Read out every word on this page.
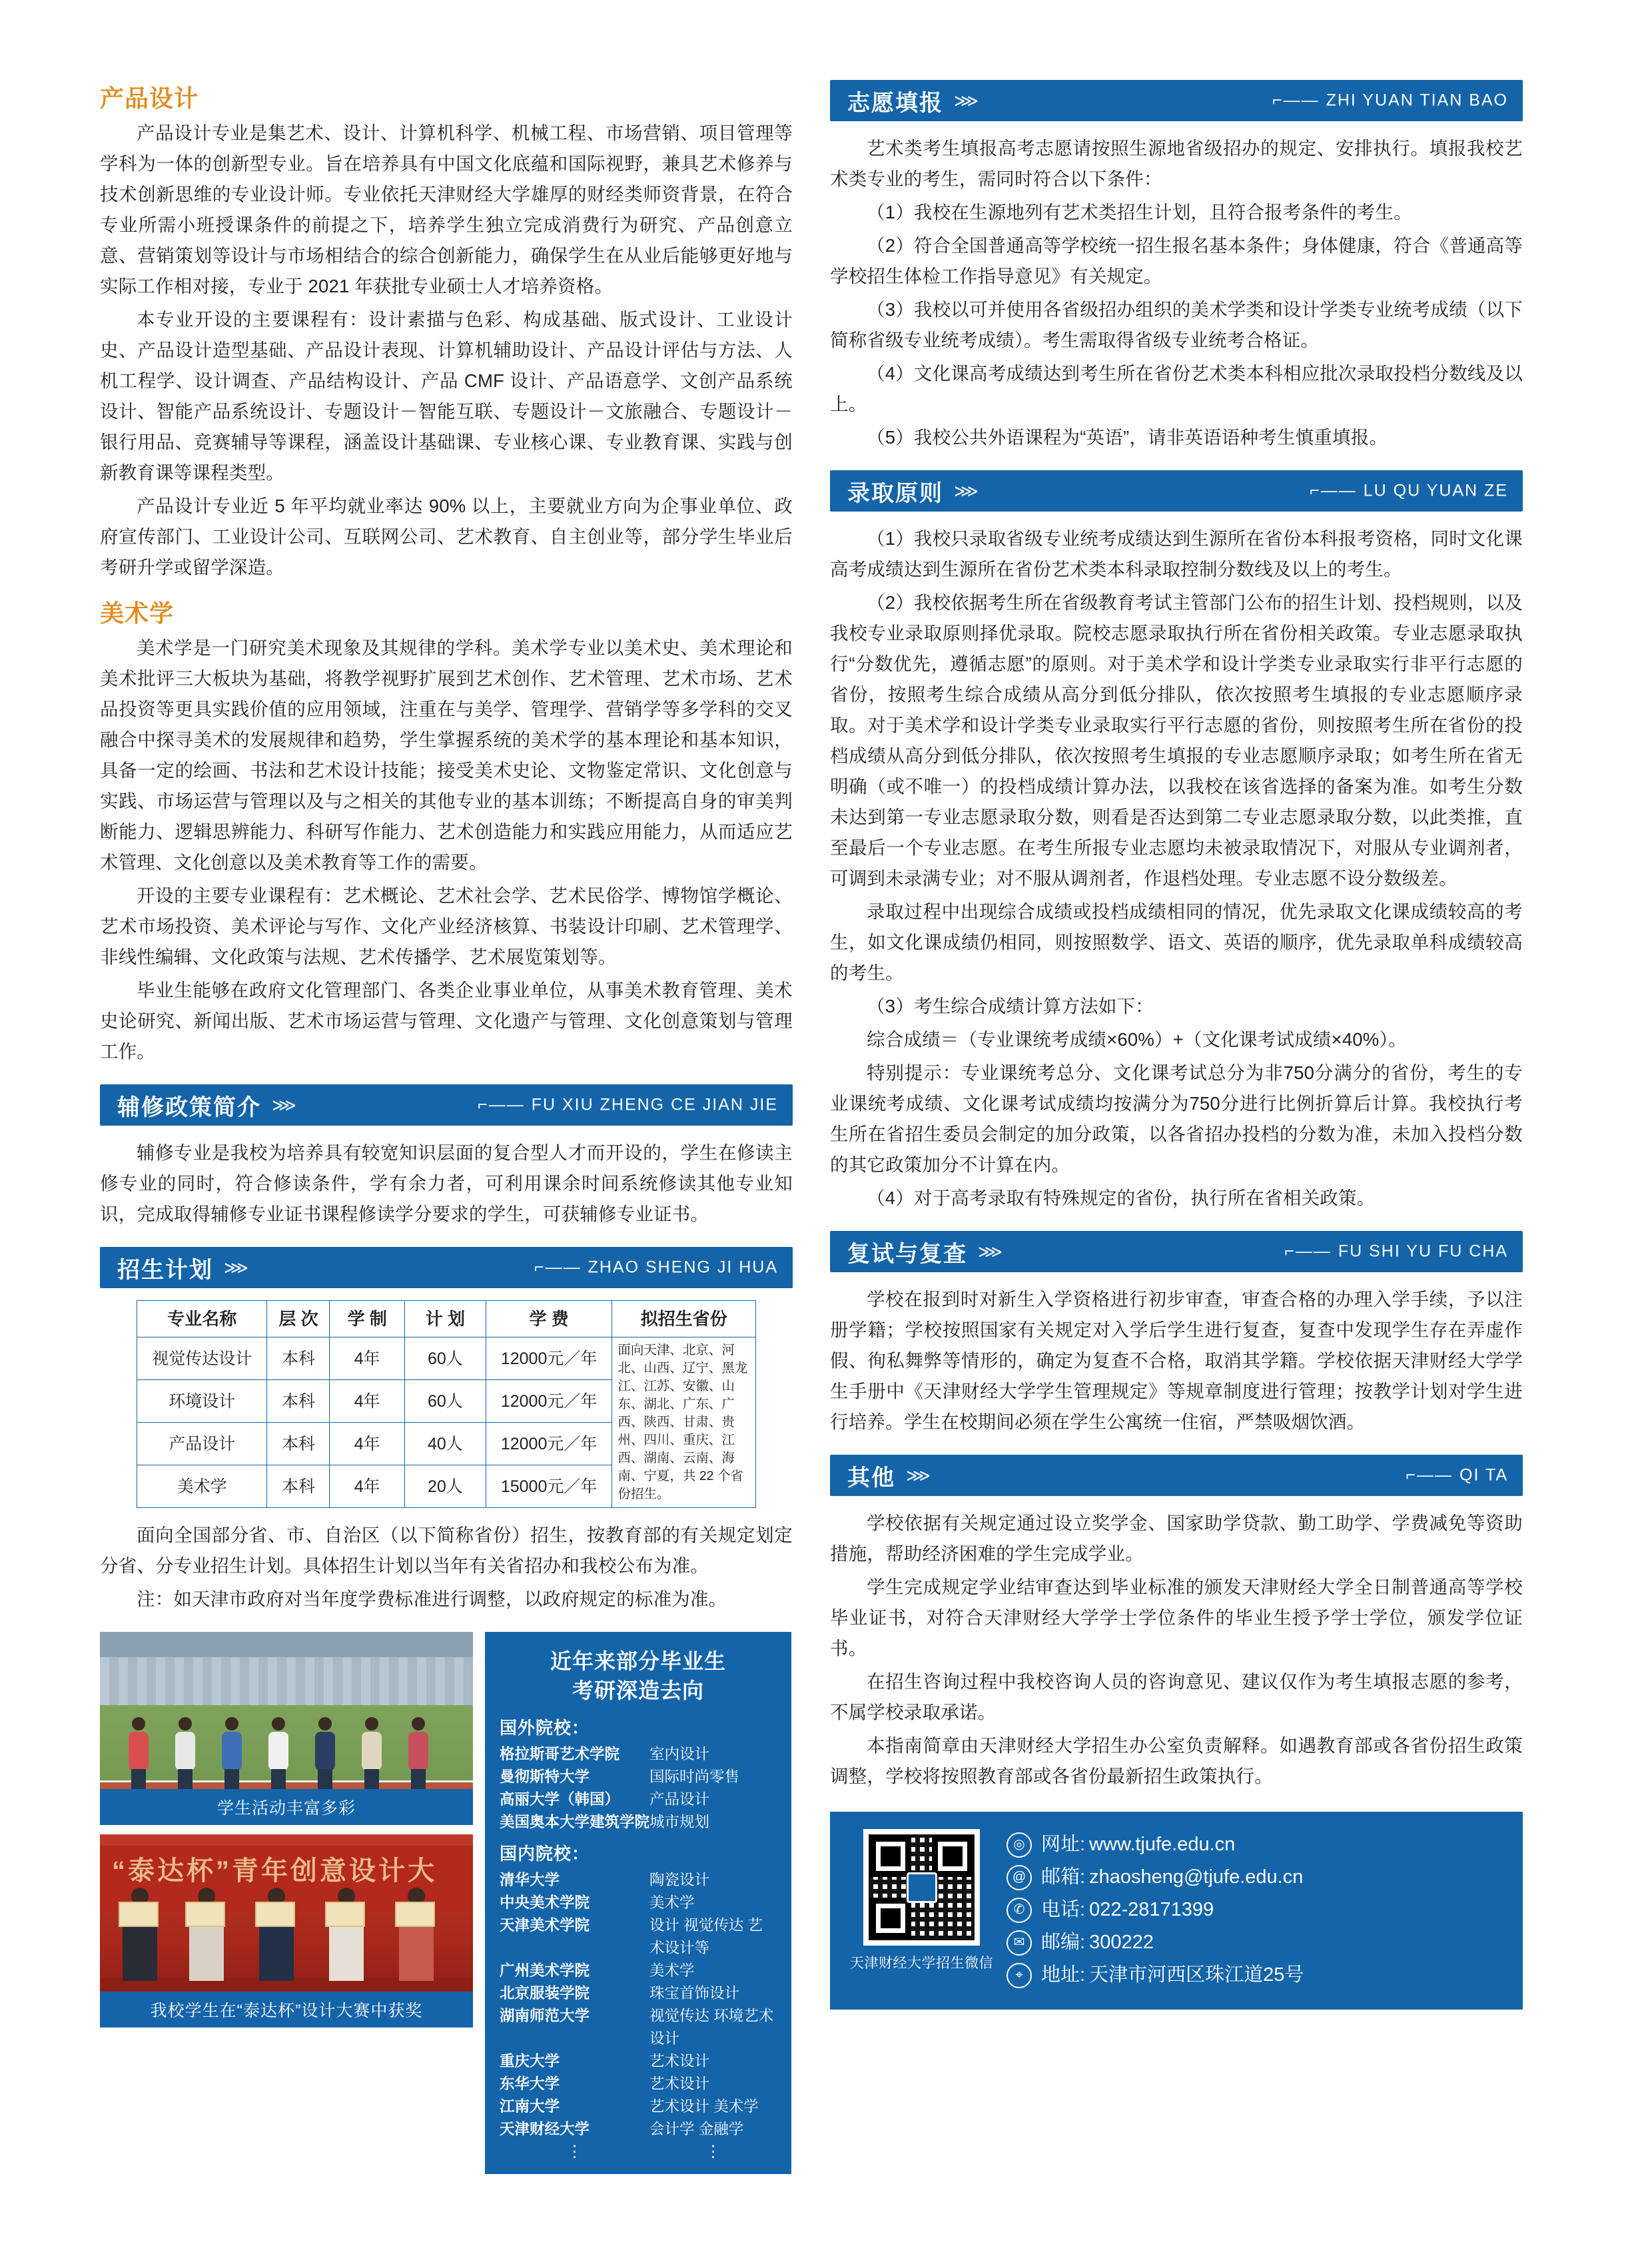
产品设计

产品设计专业是集艺术、设计、计算机科学、机械工程、市场营销、项目管理等学科为一体的创新型专业。旨在培养具有中国文化底蕴和国际视野，兼具艺术修养与技术创新思维的专业设计师。专业依托天津财经大学雄厚的财经类师资背景，在符合专业所需小班授课条件的前提之下，培养学生独立完成消费行为研究、产品创意立意、营销策划等设计与市场相结合的综合创新能力，确保学生在从业后能够更好地与实际工作相对接，专业于 2021 年获批专业硕士人才培养资格。

本专业开设的主要课程有：设计素描与色彩、构成基础、版式设计、工业设计史、产品设计造型基础、产品设计表现、计算机辅助设计、产品设计评估与方法、人机工程学、设计调查、产品结构设计、产品 CMF 设计、产品语意学、文创产品系统设计、智能产品系统设计、专题设计－智能互联、专题设计－文旅融合、专题设计－银行用品、竞赛辅导等课程，涵盖设计基础课、专业核心课、专业教育课、实践与创新教育课等课程类型。

产品设计专业近 5 年平均就业率达 90% 以上，主要就业方向为企事业单位、政府宣传部门、工业设计公司、互联网公司、艺术教育、自主创业等，部分学生毕业后考研升学或留学深造。

美术学

美术学是一门研究美术现象及其规律的学科。美术学专业以美术史、美术理论和美术批评三大板块为基础，将教学视野扩展到艺术创作、艺术管理、艺术市场、艺术品投资等更具实践价值的应用领域，注重在与美学、管理学、营销学等多学科的交叉融合中探寻美术的发展规律和趋势，学生掌握系统的美术学的基本理论和基本知识，具备一定的绘画、书法和艺术设计技能；接受美术史论、文物鉴定常识、文化创意与实践、市场运营与管理以及与之相关的其他专业的基本训练；不断提高自身的审美判断能力、逻辑思辨能力、科研写作能力、艺术创造能力和实践应用能力，从而适应艺术管理、文化创意以及美术教育等工作的需要。

开设的主要专业课程有：艺术概论、艺术社会学、艺术民俗学、博物馆学概论、艺术市场投资、美术评论与写作、文化产业经济核算、书装设计印刷、艺术管理学、非线性编辑、文化政策与法规、艺术传播学、艺术展览策划等。

毕业生能够在政府文化管理部门、各类企业事业单位，从事美术教育管理、美术史论研究、新闻出版、艺术市场运营与管理、文化遗产与管理、文化创意策划与管理工作。

辅修政策简介 ⋙	⌐—— FU XIU ZHENG CE JIAN JIE

辅修专业是我校为培养具有较宽知识层面的复合型人才而开设的，学生在修读主修专业的同时，符合修读条件，学有余力者，可利用课余时间系统修读其他专业知识，完成取得辅修专业证书课程修读学分要求的学生，可获辅修专业证书。

招生计划 ⋙	⌐—— ZHAO SHENG JI HUA
专业名称	层 次	学 制	计 划	学 费	拟招生省份
视觉传达设计	本科	4年	60人	12000元／年	面向天津、北京、河北、山西、辽宁、黑龙江、江苏、安徽、山东、湖北、广东、广西、陕西、甘肃、贵州、四川、重庆、江西、湖南、云南、海南、宁夏，共 22 个省份招生。
环境设计	本科	4年	60人	12000元／年	
产品设计	本科	4年	40人	12000元／年	
美术学	本科	4年	20人	15000元／年	

面向全国部分省、市、自治区（以下简称省份）招生，按教育部的有关规定划定分省、分专业招生计划。具体招生计划以当年有关省招办和我校公布为准。

注：如天津市政府对当年度学费标准进行调整，以政府规定的标准为准。

学生活动丰富多彩
“泰达杯”青年创意设计大
我校学生在“泰达杯”设计大赛中获奖
近年来部分毕业生
考研深造去向
国外院校：
格拉斯哥艺术学院	室内设计
曼彻斯特大学	国际时尚零售
高丽大学（韩国）	产品设计
美国奥本大学建筑学院 城市规划
国内院校：
清华大学	陶瓷设计
中央美术学院	美术学
天津美术学院	设计 视觉传达 艺术设计等
广州美术学院	美术学
北京服装学院	珠宝首饰设计
湖南师范大学	视觉传达 环境艺术设计
重庆大学	艺术设计
东华大学	艺术设计
江南大学	艺术设计 美术学
天津财经大学	会计学 金融学
⋮	⋮
志愿填报 ⋙	⌐—— ZHI YUAN TIAN BAO

艺术类考生填报高考志愿请按照生源地省级招办的规定、安排执行。填报我校艺术类专业的考生，需同时符合以下条件：

（1）我校在生源地列有艺术类招生计划，且符合报考条件的考生。

（2）符合全国普通高等学校统一招生报名基本条件；身体健康，符合《普通高等学校招生体检工作指导意见》有关规定。

（3）我校以可并使用各省级招办组织的美术学类和设计学类专业统考成绩（以下简称省级专业统考成绩）。考生需取得省级专业统考合格证。

（4）文化课高考成绩达到考生所在省份艺术类本科相应批次录取投档分数线及以上。

（5）我校公共外语课程为“英语”，请非英语语种考生慎重填报。

录取原则 ⋙	⌐—— LU QU YUAN ZE

（1）我校只录取省级专业统考成绩达到生源所在省份本科报考资格，同时文化课高考成绩达到生源所在省份艺术类本科录取控制分数线及以上的考生。

（2）我校依据考生所在省级教育考试主管部门公布的招生计划、投档规则，以及我校专业录取原则择优录取。院校志愿录取执行所在省份相关政策。专业志愿录取执行“分数优先，遵循志愿”的原则。对于美术学和设计学类专业录取实行非平行志愿的省份，按照考生综合成绩从高分到低分排队，依次按照考生填报的专业志愿顺序录取。对于美术学和设计学类专业录取实行平行志愿的省份，则按照考生所在省份的投档成绩从高分到低分排队，依次按照考生填报的专业志愿顺序录取；如考生所在省无明确（或不唯一）的投档成绩计算办法，以我校在该省选择的备案为准。如考生分数未达到第一专业志愿录取分数，则看是否达到第二专业志愿录取分数，以此类推，直至最后一个专业志愿。在考生所报专业志愿均未被录取情况下，对服从专业调剂者，可调到未录满专业；对不服从调剂者，作退档处理。专业志愿不设分数级差。

录取过程中出现综合成绩或投档成绩相同的情况，优先录取文化课成绩较高的考生，如文化课成绩仍相同，则按照数学、语文、英语的顺序，优先录取单科成绩较高的考生。

（3）考生综合成绩计算方法如下：

综合成绩＝（专业课统考成绩×60%）+（文化课考试成绩×40%）。

特别提示：专业课统考总分、文化课考试总分为非750分满分的省份，考生的专业课统考成绩、文化课考试成绩均按满分为750分进行比例折算后计算。我校执行考生所在省招生委员会制定的加分政策，以各省招办投档的分数为准，未加入投档分数的其它政策加分不计算在内。

（4）对于高考录取有特殊规定的省份，执行所在省相关政策。

复试与复查 ⋙	⌐—— FU SHI YU FU CHA

学校在报到时对新生入学资格进行初步审查，审查合格的办理入学手续，予以注册学籍；学校按照国家有关规定对入学后学生进行复查，复查中发现学生存在弄虚作假、徇私舞弊等情形的，确定为复查不合格，取消其学籍。学校依据天津财经大学学生手册中《天津财经大学学生管理规定》等规章制度进行管理；按教学计划对学生进行培养。学生在校期间必须在学生公寓统一住宿，严禁吸烟饮酒。

其他 ⋙	⌐—— QI TA

学校依据有关规定通过设立奖学金、国家助学贷款、勤工助学、学费减免等资助措施，帮助经济困难的学生完成学业。

学生完成规定学业结审查达到毕业标准的颁发天津财经大学全日制普通高等学校毕业证书，对符合天津财经大学学士学位条件的毕业生授予学士学位，颁发学位证书。

在招生咨询过程中我校咨询人员的咨询意见、建议仅作为考生填报志愿的参考，不属学校录取承诺。

本指南简章由天津财经大学招生办公室负责解释。如遇教育部或各省份招生政策调整，学校将按照教育部或各省份最新招生政策执行。

天津财经大学招生微信
◎ 网址: www.tjufe.edu.cn
@ 邮箱: zhaosheng@tjufe.edu.cn
✆ 电话: 022-28171399
✉ 邮编: 300222
⌖ 地址: 天津市河西区珠江道25号
